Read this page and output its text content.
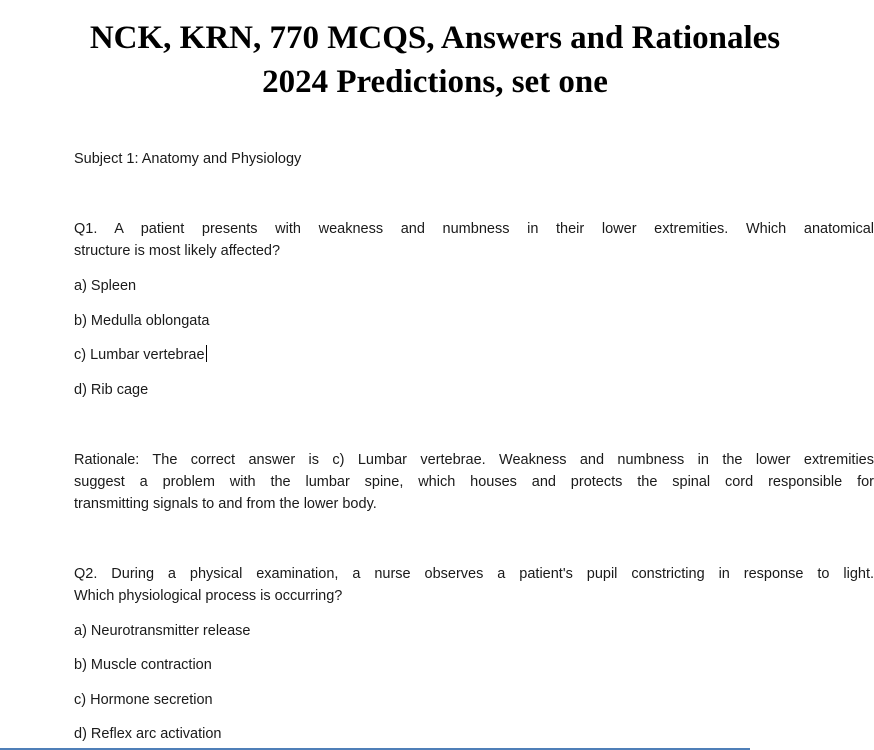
NCK, KRN, 770 MCQS, Answers and Rationales
2024 Predictions, set one
Subject 1: Anatomy and Physiology
Q1. A patient presents with weakness and numbness in their lower extremities. Which anatomical
structure is most likely affected?
a) Spleen
b) Medulla oblongata
c) Lumbar vertebrae
d) Rib cage
Rationale: The correct answer is c) Lumbar vertebrae. Weakness and numbness in the lower extremities
suggest a problem with the lumbar spine, which houses and protects the spinal cord responsible for
transmitting signals to and from the lower body.
Q2. During a physical examination, a nurse observes a patient's pupil constricting in response to light.
Which physiological process is occurring?
a) Neurotransmitter release
b) Muscle contraction
c) Hormone secretion
d) Reflex arc activation
